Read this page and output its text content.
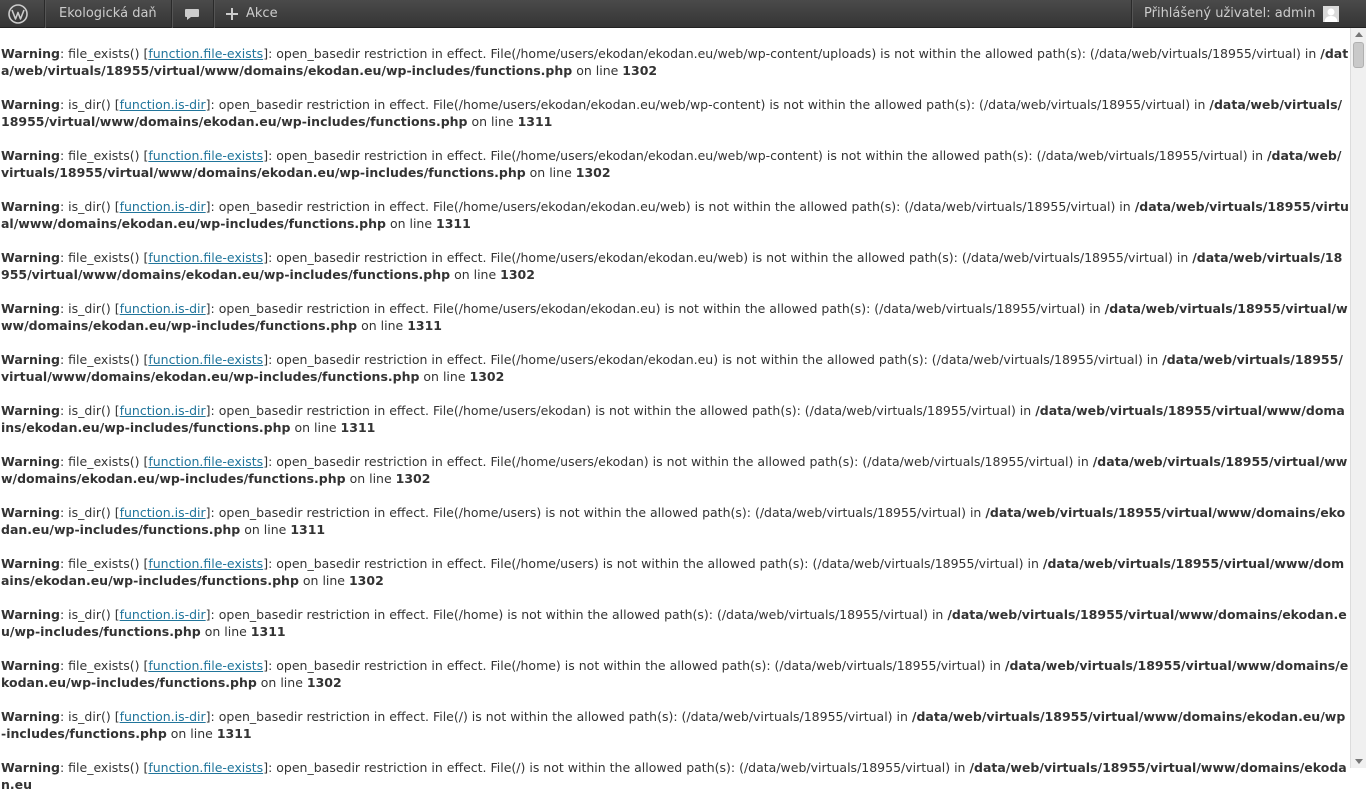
Ekologická daň	Akce	Přihlášený uživatel: admin
Warning: file_exists() [function.file-exists]: open_basedir restriction in effect. File(/home/users/ekodan/ekodan.eu/web/wp-content/uploads) is not within the allowed path(s): (/data/web/virtuals/18955/virtual) in /data/web/virtuals/18955/virtual/www/domains/ekodan.eu/wp-includes/functions.php on line 1302
Warning: is_dir() [function.is-dir]: open_basedir restriction in effect. File(/home/users/ekodan/ekodan.eu/web/wp-content) is not within the allowed path(s): (/data/web/virtuals/18955/virtual) in /data/web/virtuals/18955/virtual/www/domains/ekodan.eu/wp-includes/functions.php on line 1311
Warning: file_exists() [function.file-exists]: open_basedir restriction in effect. File(/home/users/ekodan/ekodan.eu/web/wp-content) is not within the allowed path(s): (/data/web/virtuals/18955/virtual) in /data/web/virtuals/18955/virtual/www/domains/ekodan.eu/wp-includes/functions.php on line 1302
Warning: is_dir() [function.is-dir]: open_basedir restriction in effect. File(/home/users/ekodan/ekodan.eu/web) is not within the allowed path(s): (/data/web/virtuals/18955/virtual) in /data/web/virtuals/18955/virtual/www/domains/ekodan.eu/wp-includes/functions.php on line 1311
Warning: file_exists() [function.file-exists]: open_basedir restriction in effect. File(/home/users/ekodan/ekodan.eu/web) is not within the allowed path(s): (/data/web/virtuals/18955/virtual) in /data/web/virtuals/18955/virtual/www/domains/ekodan.eu/wp-includes/functions.php on line 1302
Warning: is_dir() [function.is-dir]: open_basedir restriction in effect. File(/home/users/ekodan/ekodan.eu) is not within the allowed path(s): (/data/web/virtuals/18955/virtual) in /data/web/virtuals/18955/virtual/www/domains/ekodan.eu/wp-includes/functions.php on line 1311
Warning: file_exists() [function.file-exists]: open_basedir restriction in effect. File(/home/users/ekodan/ekodan.eu) is not within the allowed path(s): (/data/web/virtuals/18955/virtual) in /data/web/virtuals/18955/virtual/www/domains/ekodan.eu/wp-includes/functions.php on line 1302
Warning: is_dir() [function.is-dir]: open_basedir restriction in effect. File(/home/users/ekodan) is not within the allowed path(s): (/data/web/virtuals/18955/virtual) in /data/web/virtuals/18955/virtual/www/domains/ekodan.eu/wp-includes/functions.php on line 1311
Warning: file_exists() [function.file-exists]: open_basedir restriction in effect. File(/home/users/ekodan) is not within the allowed path(s): (/data/web/virtuals/18955/virtual) in /data/web/virtuals/18955/virtual/www/domains/ekodan.eu/wp-includes/functions.php on line 1302
Warning: is_dir() [function.is-dir]: open_basedir restriction in effect. File(/home/users) is not within the allowed path(s): (/data/web/virtuals/18955/virtual) in /data/web/virtuals/18955/virtual/www/domains/ekodan.eu/wp-includes/functions.php on line 1311
Warning: file_exists() [function.file-exists]: open_basedir restriction in effect. File(/home/users) is not within the allowed path(s): (/data/web/virtuals/18955/virtual) in /data/web/virtuals/18955/virtual/www/domains/ekodan.eu/wp-includes/functions.php on line 1302
Warning: is_dir() [function.is-dir]: open_basedir restriction in effect. File(/home) is not within the allowed path(s): (/data/web/virtuals/18955/virtual) in /data/web/virtuals/18955/virtual/www/domains/ekodan.eu/wp-includes/functions.php on line 1311
Warning: file_exists() [function.file-exists]: open_basedir restriction in effect. File(/home) is not within the allowed path(s): (/data/web/virtuals/18955/virtual) in /data/web/virtuals/18955/virtual/www/domains/ekodan.eu/wp-includes/functions.php on line 1302
Warning: is_dir() [function.is-dir]: open_basedir restriction in effect. File(/) is not within the allowed path(s): (/data/web/virtuals/18955/virtual) in /data/web/virtuals/18955/virtual/www/domains/ekodan.eu/wp-includes/functions.php on line 1311
Warning: file_exists() [function.file-exists]: open_basedir restriction in effect. File(/) is not within the allowed path(s): (/data/web/virtuals/18955/virtual) in /data/web/virtuals/18955/virtual/www/domains/ekodan.eu
